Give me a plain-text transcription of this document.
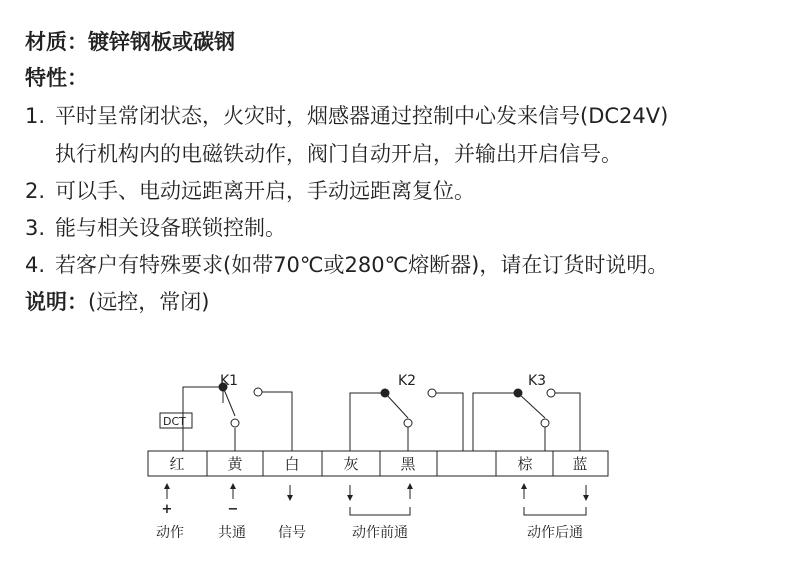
材质：镀锌钢板或碳钢
特性：
1. 平时呈常闭状态，火灾时，烟感器通过控制中心发来信号(DC24V)
执行机构内的电磁铁动作，阀门自动开启，并输出开启信号。
2. 可以手、电动远距离开启，手动远距离复位。
3. 能与相关设备联锁控制。
4. 若客户有特殊要求(如带70℃或280℃熔断器)，请在订货时说明。
说明：(远控，常闭)
K1	K2	K3
DCT
红	黄	白	灰	黑	棕	蓝
+	−
动作 共通 信号	动作前通	动作后通
